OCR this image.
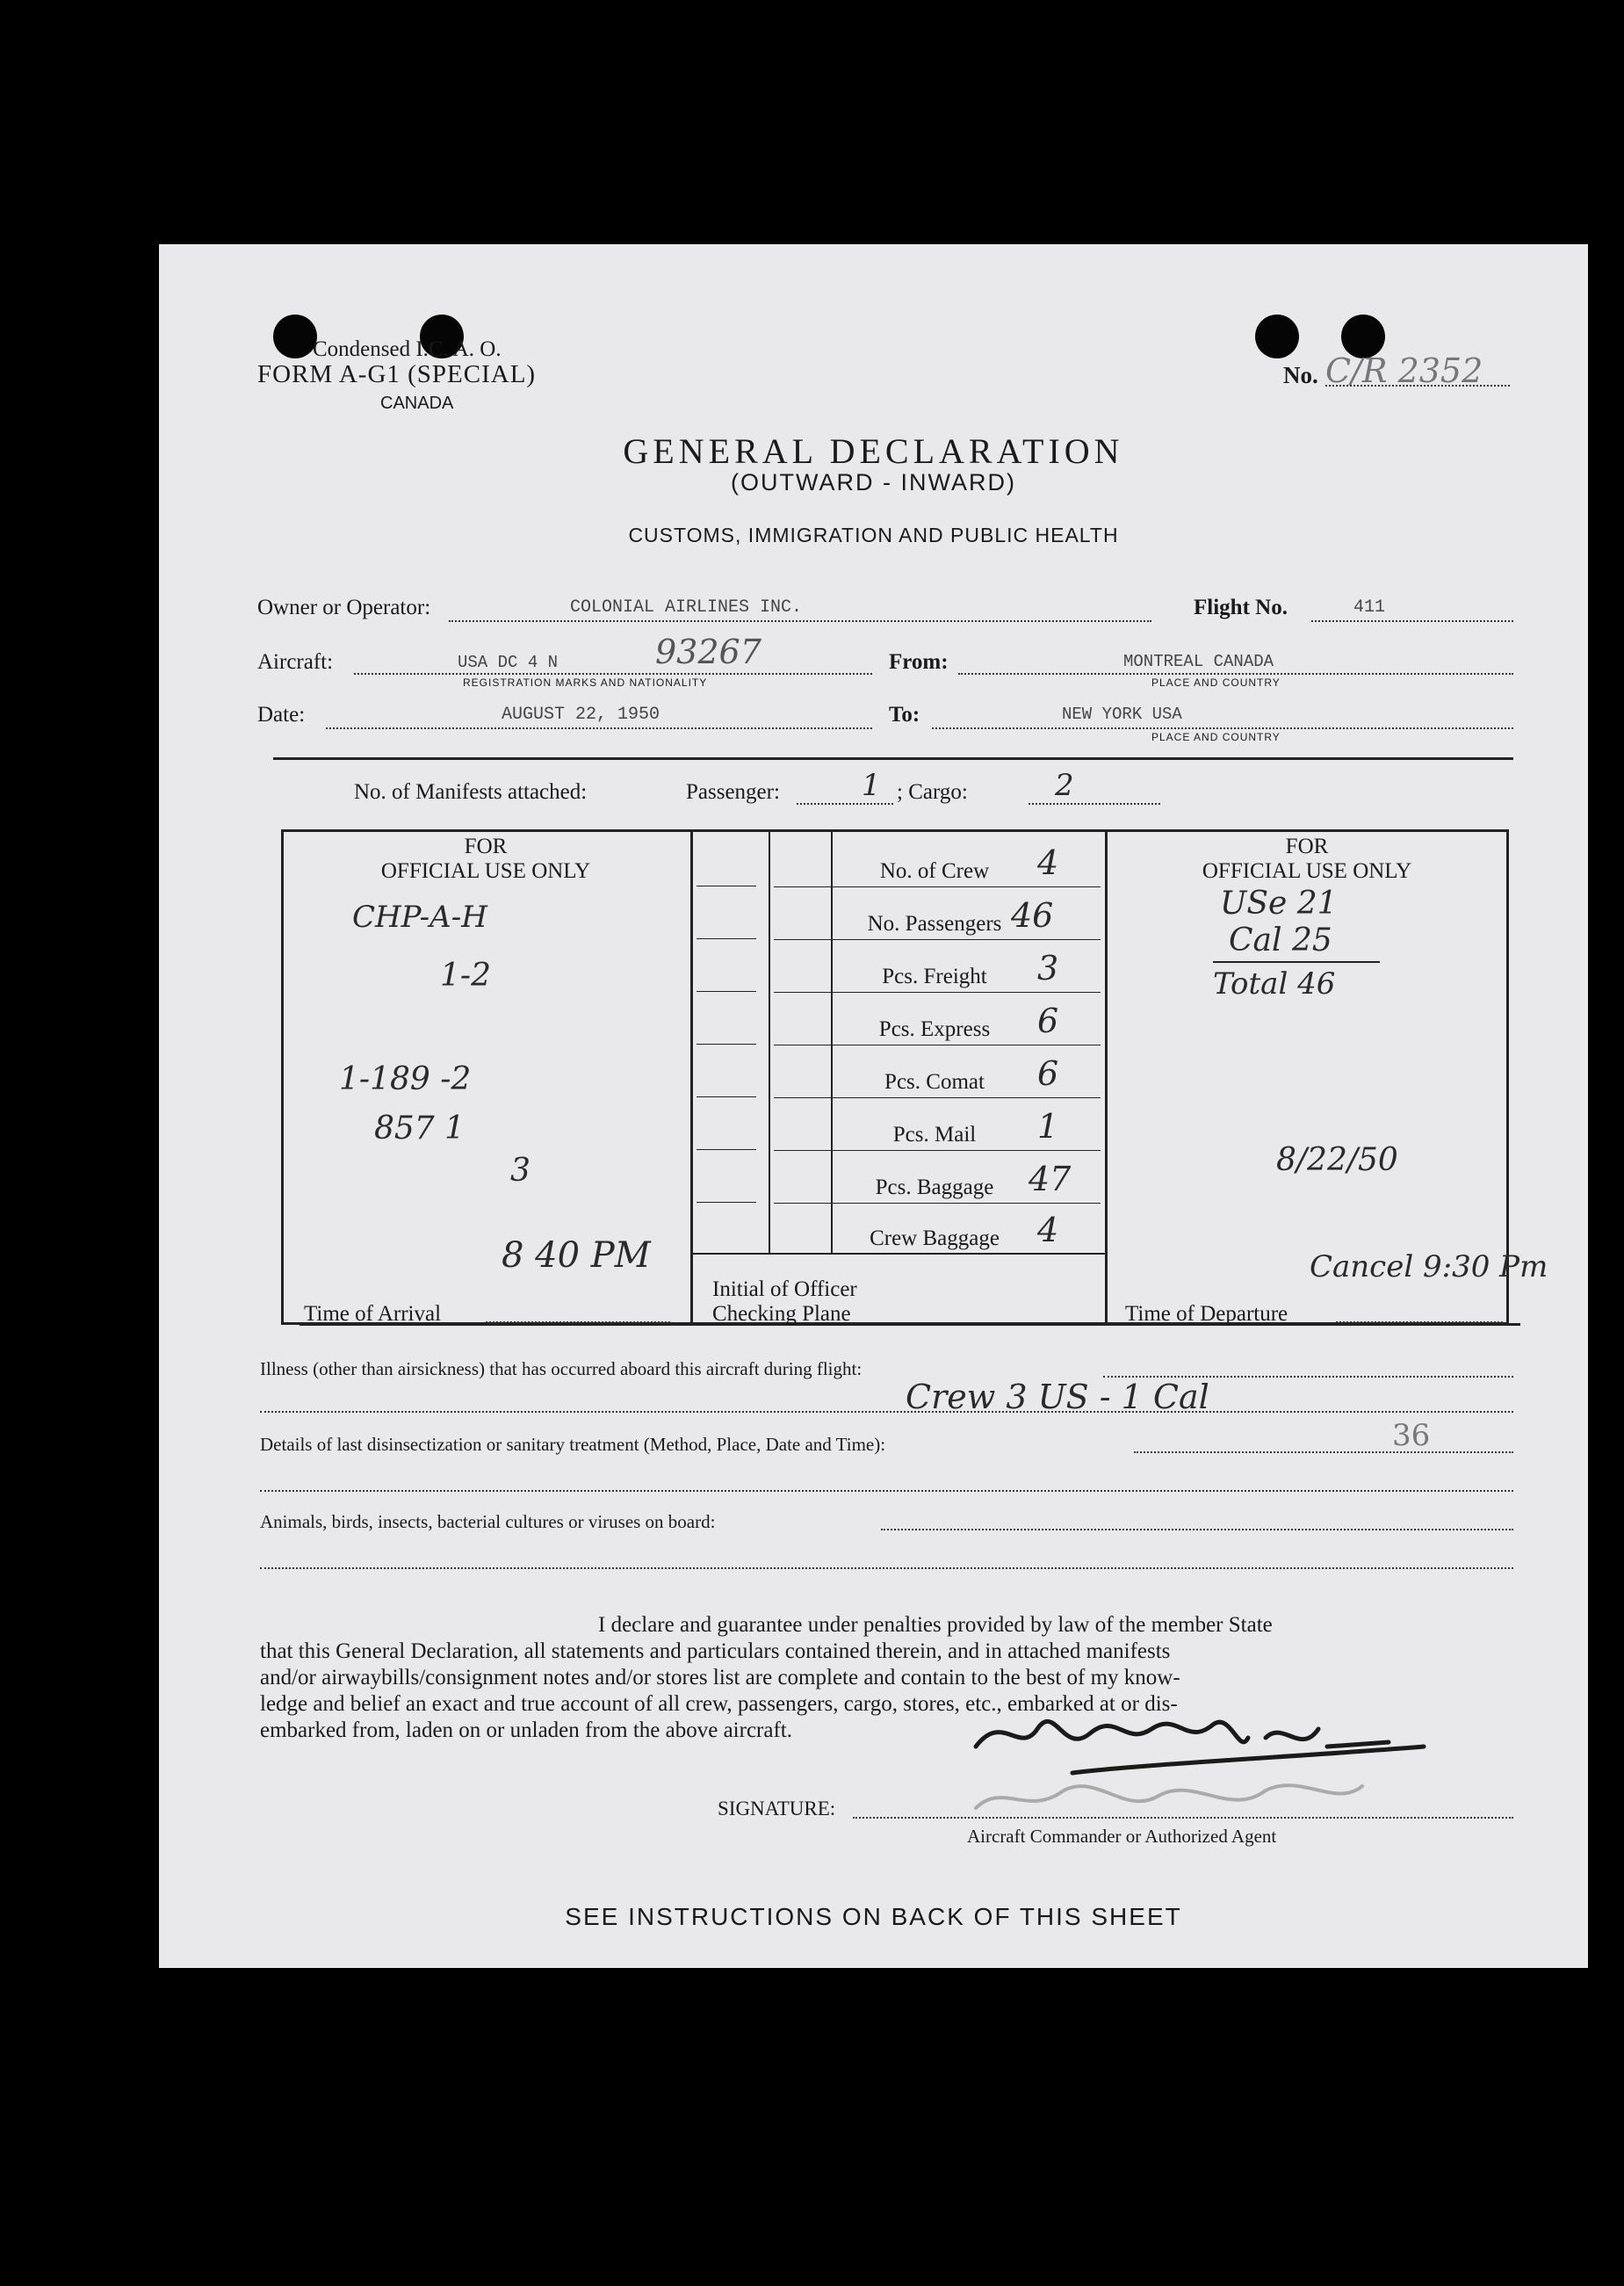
Condensed I.C. A. O.
FORM A-G1 (SPECIAL)
CANADA
No. C/R 2352
GENERAL DECLARATION
(OUTWARD - INWARD)
CUSTOMS, IMMIGRATION AND PUBLIC HEALTH
Owner or Operator:	COLONIAL AIRLINES INC.	Flight No.	411
Aircraft:	USA DC 4 N	93267
REGISTRATION MARKS AND NATIONALITY
From:	MONTREAL CANADA
PLACE AND COUNTRY
Date:	AUGUST 22, 1950	To:	NEW YORK USA
PLACE AND COUNTRY
No. of Manifests attached:	Passenger:	1 ; Cargo:	2
FOR
OFFICIAL USE ONLY
FOR
OFFICIAL USE ONLY
No. of Crew	4
No. Passengers 46
Pcs. Freight	3
Pcs. Express	6
Pcs. Comat	6
Pcs. Mail	1
Pcs. Baggage	47
Crew Baggage	4
CHP-A-H
1-2
1-189 -2
857 1
3
USe 21
Cal 25
Total 46
8/22/50
Time of Arrival
8 40 PM
Initial of Officer
Checking Plane	Time of Departure
Cancel 9:30 Pm
Illness (other than airsickness) that has occurred aboard this aircraft during flight:
Crew 3 US - 1 Cal
Details of last disinsectization or sanitary treatment (Method, Place, Date and Time):	36
Animals, birds, insects, bacterial cultures or viruses on board:
I declare and guarantee under penalties provided by law of the member State
that this General Declaration, all statements and particulars contained therein, and in attached manifests
and/or airwaybills/consignment notes and/or stores list are complete and contain to the best of my know-
ledge and belief an exact and true account of all crew, passengers, cargo, stores, etc., embarked at or dis-
embarked from, laden on or unladen from the above aircraft.
SIGNATURE:
Aircraft Commander or Authorized Agent
SEE INSTRUCTIONS ON BACK OF THIS SHEET
